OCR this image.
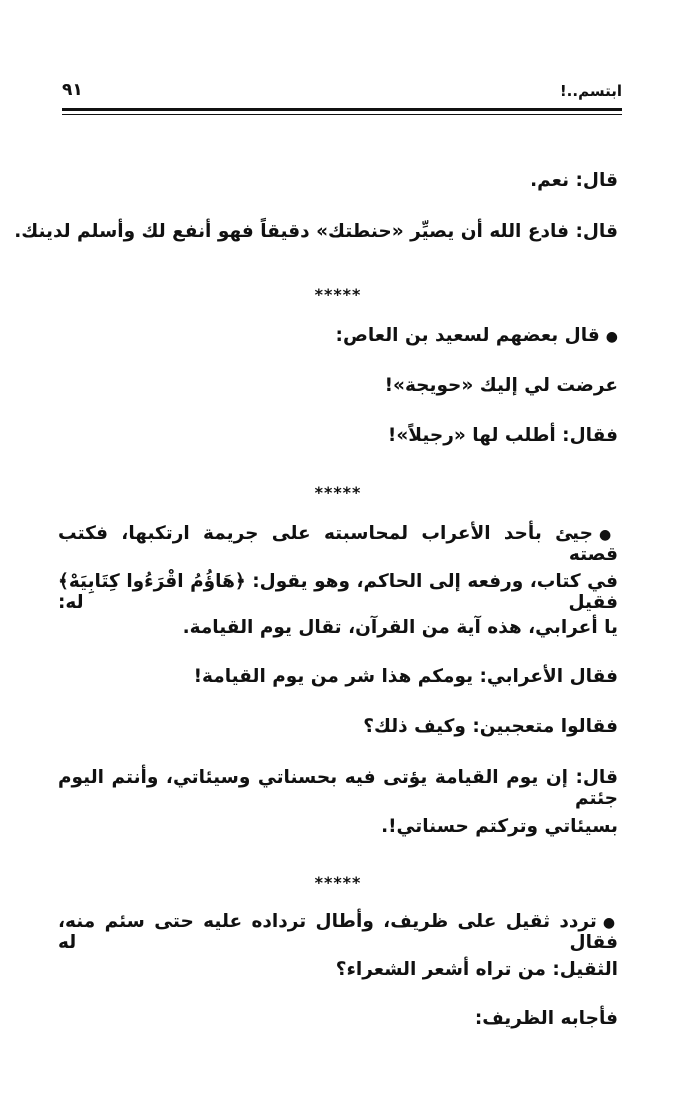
ابتسم..!
٩١
قال: نعم.
قال: فادع الله أن يصيِّر «حنطتك» دقيقاً فهو أنفع لك وأسلم لدينك.
*****
●قال بعضهم لسعيد بن العاص:
عرضت لي إليك «حويجة»!
فقال: أطلب لها «رجيلاً»!
*****
●جيئ بأحد الأعراب لمحاسبته على جريمة ارتكبها، فكتب قصته
في كتاب، ورفعه إلى الحاكم، وهو يقول: ﴿هَاؤُمُ اقْرَءُوا كِتَابِيَهْ﴾ فقيل له:
يا أعرابي، هذه آية من القرآن، تقال يوم القيامة.
فقال الأعرابي: يومكم هذا شر من يوم القيامة!
فقالوا متعجبين: وكيف ذلك؟
قال: إن يوم القيامة يؤتى فيه بحسناتي وسيئاتي، وأنتم اليوم جئتم
بسيئاتي وتركتم حسناتي!.
*****
●تردد ثقيل على ظريف، وأطال ترداده عليه حتى سئم منه، فقال له
الثقيل: من تراه أشعر الشعراء؟
فأجابه الظريف:
